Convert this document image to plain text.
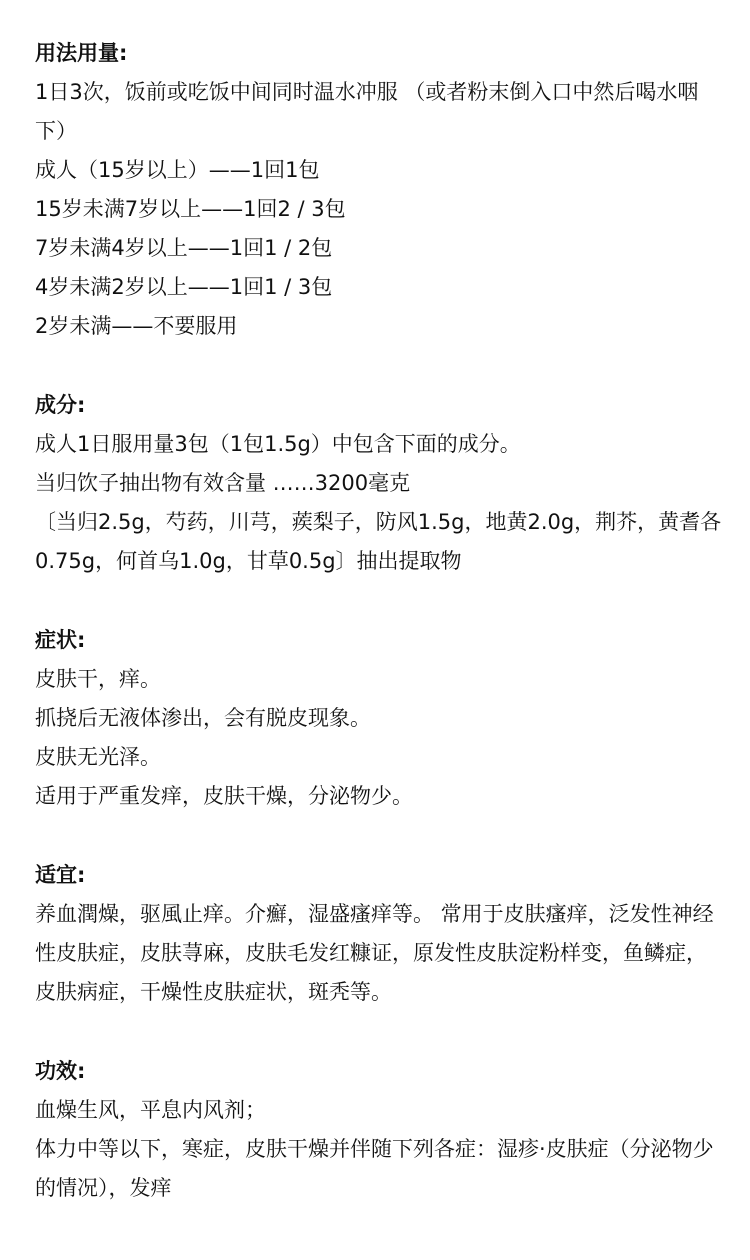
用法用量:
1日3次，饭前或吃饭中间同时温水冲服 （或者粉末倒入口中然后喝水咽下）
成人（15岁以上）——1回1包
15岁未满7岁以上——1回2 / 3包
7岁未满4岁以上——1回1 / 2包
4岁未满2岁以上——1回1 / 3包
2岁未满——不要服用
成分:
成人1日服用量3包（1包1.5g）中包含下面的成分。
当归饮子抽出物有效含量 ……3200毫克
〔当归2.5g，芍药，川芎，蒺梨子，防风1.5g，地黄2.0g，荆芥，黄耆各0.75g，何首乌1.0g，甘草0.5g〕抽出提取物
症状:
皮肤干，痒。
抓挠后无液体渗出，会有脱皮现象。
皮肤无光泽。
适用于严重发痒，皮肤干燥，分泌物少。
适宜:
养血潤燥，驱風止痒。介癬，湿盛瘙痒等。 常用于皮肤瘙痒，泛发性神经性皮肤症，皮肤荨麻，皮肤毛发红糠证，原发性皮肤淀粉样变，鱼鳞症，皮肤病症，干燥性皮肤症状，斑秃等。
功效:
血燥生风，平息内风剂；
体力中等以下，寒症，皮肤干燥并伴随下列各症：湿疹·皮肤症（分泌物少的情况），发痒
